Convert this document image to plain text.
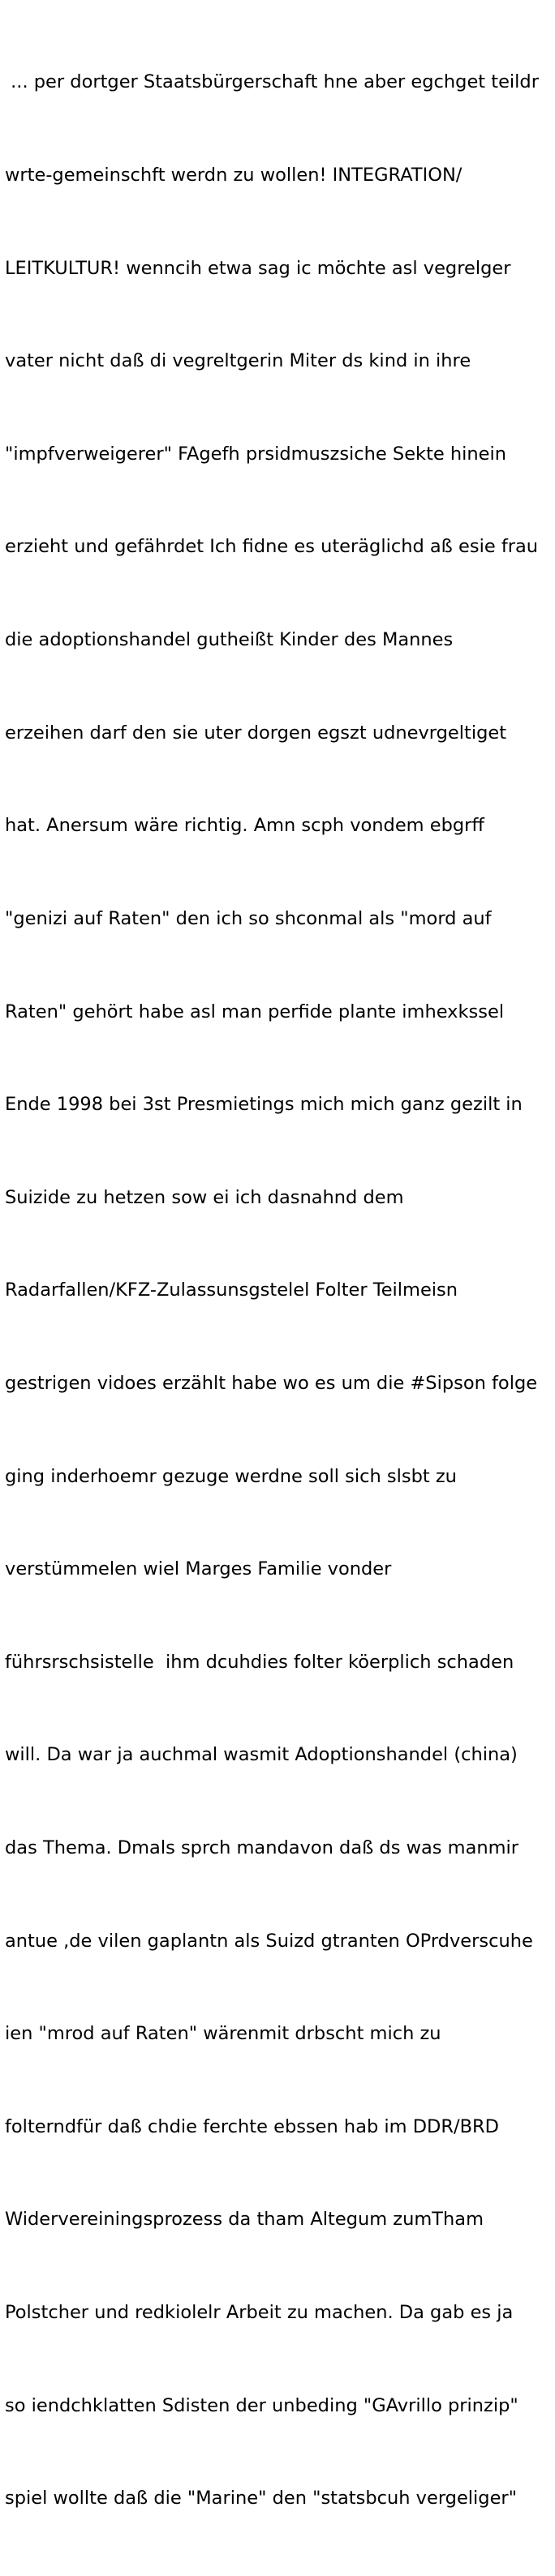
... per dortger Staatsbürgerschaft hne aber egchget teildr

wrte-gemeinschft werdn zu wollen! INTEGRATION/

LEITKULTUR! wenncih etwa sag ic möchte asl vegrelger

vater nicht daß di vegreltgerin Miter ds kind in ihre

"impfverweigerer" FAgefh prsidmuszsiche Sekte hinein

erzieht und gefährdet Ich fidne es uteräglichd aß esie frau

die adoptionshandel gutheißt Kinder des Mannes

erzeihen darf den sie uter dorgen egszt udnevrgeltiget

hat. Anersum wäre richtig. Amn scph vondem ebgrff

"genizi auf Raten" den ich so shconmal als "mord auf

Raten" gehört habe asl man perfide plante imhexkssel

Ende 1998 bei 3st Presmietings mich mich ganz gezilt in

Suizide zu hetzen sow ei ich dasnahnd dem

Radarfallen/KFZ-Zulassunsgstelel Folter Teilmeisn

gestrigen vidoes erzählt habe wo es um die #Sipson folge

ging inderhoemr gezuge werdne soll sich slsbt zu

verstümmelen wiel Marges Familie vonder

führsrschsistelle  ihm dcuhdies folter köerplich schaden

will. Da war ja auchmal wasmit Adoptionshandel (china)

das Thema. Dmals sprch mandavon daß ds was manmir

antue ,de vilen gaplantn als Suizd gtranten OPrdverscuhe

ien "mrod auf Raten" wärenmit drbscht mich zu

folterndfür daß chdie ferchte ebssen hab im DDR/BRD

Widervereiningsprozess da tham Altegum zumTham

Polstcher und redkiolelr Arbeit zu machen. Da gab es ja

so iendchklatten Sdisten der unbeding "GAvrillo prinzip"

spiel wollte daß die "Marine" den "statsbcuh vergeliger"
